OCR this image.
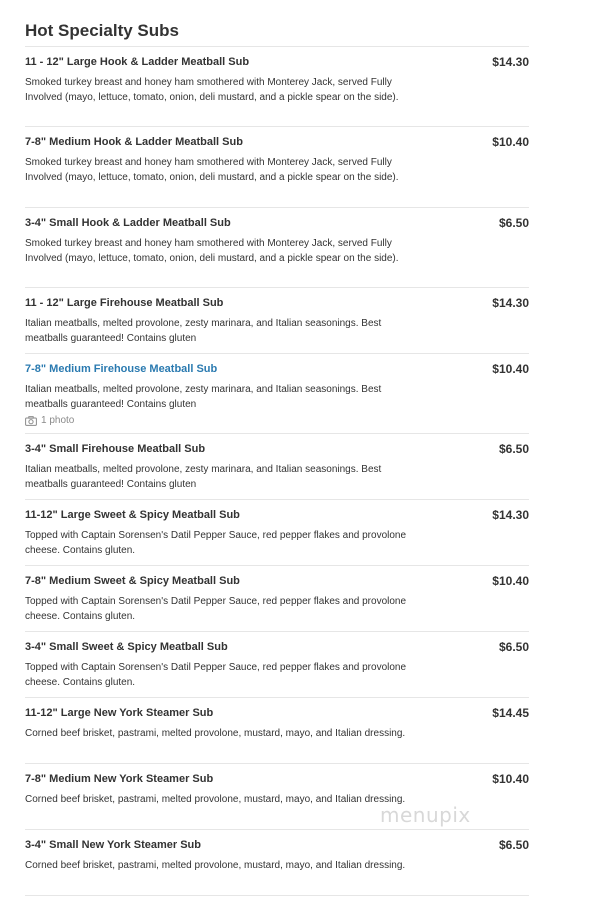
Hot Specialty Subs
11 - 12" Large Hook & Ladder Meatball Sub	$14.30
Smoked turkey breast and honey ham smothered with Monterey Jack, served Fully Involved (mayo, lettuce, tomato, onion, deli mustard, and a pickle spear on the side).
7-8" Medium Hook & Ladder Meatball Sub	$10.40
Smoked turkey breast and honey ham smothered with Monterey Jack, served Fully Involved (mayo, lettuce, tomato, onion, deli mustard, and a pickle spear on the side).
3-4" Small Hook & Ladder Meatball Sub	$6.50
Smoked turkey breast and honey ham smothered with Monterey Jack, served Fully Involved (mayo, lettuce, tomato, onion, deli mustard, and a pickle spear on the side).
11 - 12" Large Firehouse Meatball Sub	$14.30
Italian meatballs, melted provolone, zesty marinara, and Italian seasonings. Best meatballs guaranteed! Contains gluten
7-8" Medium Firehouse Meatball Sub	$10.40
Italian meatballs, melted provolone, zesty marinara, and Italian seasonings. Best meatballs guaranteed! Contains gluten
1 photo
3-4" Small Firehouse Meatball Sub	$6.50
Italian meatballs, melted provolone, zesty marinara, and Italian seasonings. Best meatballs guaranteed! Contains gluten
11-12" Large Sweet & Spicy Meatball Sub	$14.30
Topped with Captain Sorensen's Datil Pepper Sauce, red pepper flakes and provolone cheese. Contains gluten.
7-8" Medium Sweet & Spicy Meatball Sub	$10.40
Topped with Captain Sorensen's Datil Pepper Sauce, red pepper flakes and provolone cheese. Contains gluten.
3-4" Small Sweet & Spicy Meatball Sub	$6.50
Topped with Captain Sorensen's Datil Pepper Sauce, red pepper flakes and provolone cheese. Contains gluten.
11-12" Large New York Steamer Sub	$14.45
Corned beef brisket, pastrami, melted provolone, mustard, mayo, and Italian dressing.
7-8" Medium New York Steamer Sub	$10.40
Corned beef brisket, pastrami, melted provolone, mustard, mayo, and Italian dressing.
3-4" Small New York Steamer Sub	$6.50
Corned beef brisket, pastrami, melted provolone, mustard, mayo, and Italian dressing.
menupix
